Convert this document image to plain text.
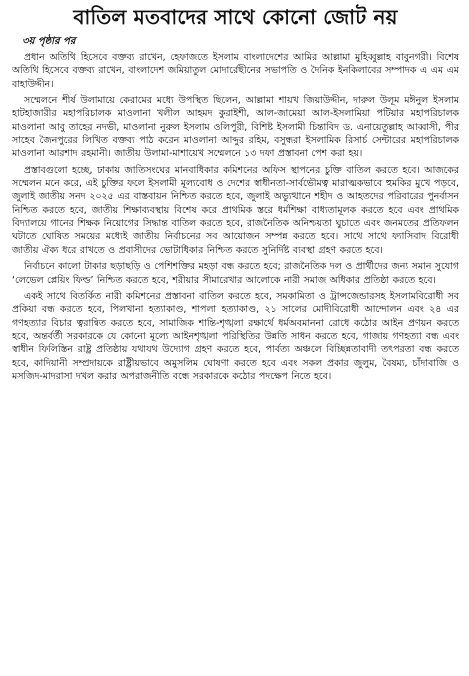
বাতিল মতবাদের সাথে কোনো জোট নয়
৩য় পৃষ্ঠার পর

প্রধান অতিথি হিসেবে বক্তব্য রাখেন, হেফাজতে ইসলাম বাংলাদেশের আমির আল্লামা মুহিব্বুল্লাহ বাবুনগরী। বিশেষ অতিথি হিসেবে বক্তব্য রাখেন, বাংলাদেশ জমিয়াতুল মোদার্রেছীনের সভাপতি ও দৈনিক ইনকিলাবের সম্পাদক এ এম এম বাহাউদ্দীন।

সম্মেলনে শীর্ষ উলামায়ে কেরামের মধ্যে উপস্থিত ছিলেন, আল্লামা শায়খ জিয়াউদ্দীন, দারুল উলূম মঈনুল ইসলাম হাটহাজারীর মহাপরিচালক মাওলানা খলীল আহমদ কুরাইশী, আল-জামেয়া আল-ইসলামিয়া পটিয়ার মহাপরিচালক মাওলানা আবু তাহের নদভী, মাওলানা নুরুল ইসলাম ওলিপুরী, বিশিষ্ট ইসলামী চিন্তাবিদ ড. এনায়েতুল্লাহ আব্বাসী, পীর সাহেব জৈনপুরের লিখিত বক্তব্য পাঠ করেন মাওলানা আব্দুর রহিম, বসুন্ধরা ইসলামিক রিসার্চ সেন্টারের মহাপরিচালক মাওলানা আরশাদ রহমানী। জাতীয় উলামা-মাশায়েখ সম্মেলনে ১৩ দফা প্রস্তাবনা পেশ করা হয়।

প্রস্তাবগুলো হচ্ছে, ঢাকায় জাতিসংঘের মানবাধিকার কমিশনের অফিস স্থাপনের চুক্তি বাতিল করতে হবে। আজকের সম্মেলন মনে করে, এই চুক্তির ফলে ইসলামী মূল্যবোধ ও দেশের স্বাধীনতা-সার্বভৌমত্ব মারাত্মকভাবে হুমকির মুখে পড়বে, জুলাই জাতীয় সনদ ২০২৫ এর বাস্তবায়ন নিশ্চিত করতে হবে, জুলাই অভ্যুত্থানে শহীদ ও আহতদের পরিবারের পুনর্বাসন নিশ্চিত করতে হবে, জাতীয় শিক্ষাব্যবস্থায় বিশেষ করে প্রাথমিক স্তরে ধর্মশিক্ষা বাধ্যতামূলক করতে হবে এবং প্রাথমিক বিদ্যালয়ে গানের শিক্ষক নিয়োগের সিদ্ধান্ত বাতিল করতে হবে, রাজনৈতিক অনিশ্চয়তা ঘুচাতে এবং জনমতের প্রতিফলন ঘটাতে ঘোষিত সময়ের মধ্যেই জাতীয় নির্বাচনের সব আয়োজন সম্পন্ন করতে হবে। সাথে সাথে ফ্যাসিবাদ বিরোধী জাতীয় ঐক্য ধরে রাখতে ও প্রবাসীদের ভোটাধিকার নিশ্চিত করতে সুনির্দিষ্ট ব্যবস্থা গ্রহণ করতে হবে।

নির্বাচনে কালো টাকার ছড়াছড়ি ও পেশিশক্তির মহড়া বন্ধ করতে হবে; রাজনৈতিক দল ও প্রার্থীদের জন্য সমান সুযোগ ‘লেভেল প্লেয়িং ফিল্ড’ নিশ্চিত করতে হবে, শরীয়ার সীমারেখার আলোকে নারী সমাজ অধিকার প্রতিষ্ঠা করতে হবে।

একই সাথে বিতর্কিত নারী কমিশনের প্রস্তাবনা বাতিল করতে হবে, সমকামিতা ও ট্রান্সজেন্ডারসহ ইসলামবিরোধী সব প্রকিয়া বন্ধ করতে হবে, পিলখানা হত্যাকাণ্ড, শাপলা হত্যাকাণ্ড, ২১ সালের মোদীবিরোধী আন্দোলন এবং ২৪ এর গণহত্যার বিচার ত্বরান্বিত করতে হবে, সামাজিক শান্তি-শৃঙ্খলা রক্ষার্থে ধর্মঅবমাননা রোধে কঠোর আইন প্রণয়ন করতে হবে, অন্তর্বর্তী সরকারকে যে কোনো মূল্যে আইনশৃঙ্খলা পরিস্থিতির উন্নতি সাধন করতে হবে, গাজায় গণহত্যা বন্ধ এবং স্বাধীন ফিলিস্তিন রাষ্ট্র প্রতিষ্ঠায় যথাযথ উদ্যোগ গ্রহণ করতে হবে, পার্বত্য অঞ্চলে বিচ্ছিন্নতাবাদী তৎপরতা বন্ধ করতে হবে, কাদিয়ানী সম্প্রদায়কে রাষ্ট্রীয়ভাবে অমুসলিম ঘোষণা করতে হবে এবং সকল প্রকার জুলুম, বৈষম্য, চাঁদাবাজি ও মসজিদ-মাদরাসা দখল করার অপরাজনীতি বন্ধে সরকারকে কঠোর পদক্ষেপ নিতে হবে।
